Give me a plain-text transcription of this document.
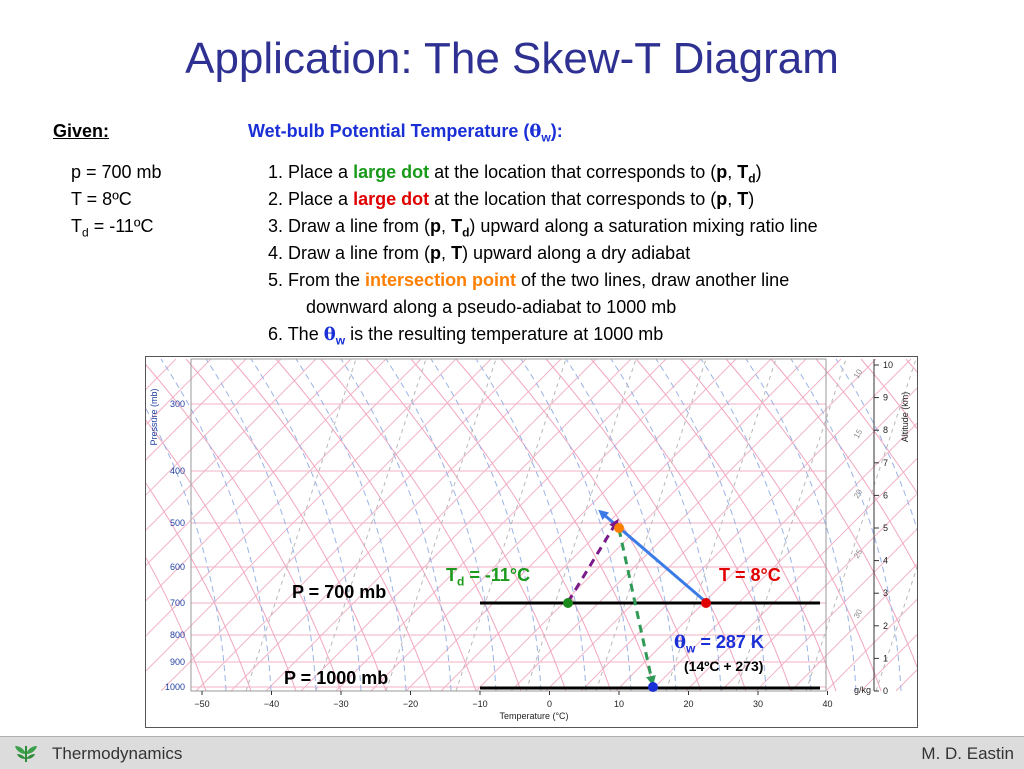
Application: The Skew-T Diagram
Given:	Wet-bulb Potential Temperature $(\theta_w)$:
p = 700 mb
T = 8ºC
$T_d$ = -11ºC
1. Place a large dot at the location that corresponds to (p, $T_d$)
2. Place a large dot at the location that corresponds to (p, T)
3. Draw a line from (p, $T_d$) upward along a saturation mixing ratio line
4. Draw a line from (p, T) upward along a dry adiabat
5. From the intersection point of the two lines, draw another line
downward along a pseudo-adiabat to 1000 mb
6. The $\theta_w$ is the resulting temperature at 1000 mb
300
400
500
600
700
800
900
1000
Pressure (mb)
−50	−40	−30	−20	−10	0	10	20	30	40
Temperature (°C)
10
9
8
7
6
5
4
3
2
1
0
Altitude (km)
10
15
20
25
30
g/kg
P = 700 mb
P = 1000 mb
$T_d = -11^\circ C$	T = 8°C
$\theta_w = 287$ K
(14ºC + 273)
Thermodynamics	M. D. Eastin
